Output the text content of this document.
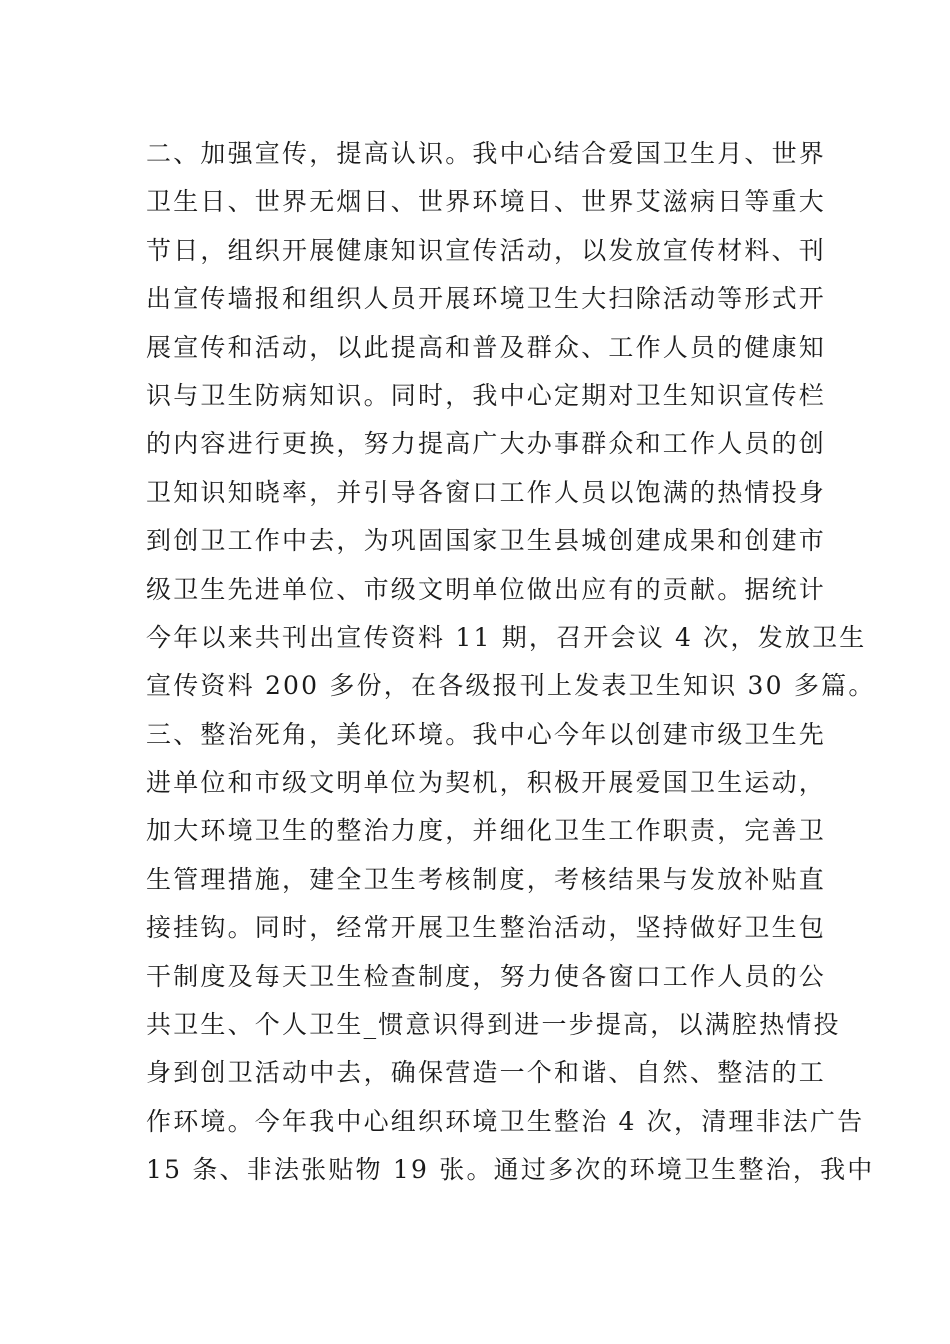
二、加强宣传，提高认识。我中心结合爱国卫生月、世界
卫生日、世界无烟日、世界环境日、世界艾滋病日等重大
节日，组织开展健康知识宣传活动，以发放宣传材料、刊
出宣传墙报和组织人员开展环境卫生大扫除活动等形式开
展宣传和活动，以此提高和普及群众、工作人员的健康知
识与卫生防病知识。同时，我中心定期对卫生知识宣传栏
的内容进行更换，努力提高广大办事群众和工作人员的创
卫知识知晓率，并引导各窗口工作人员以饱满的热情投身
到创卫工作中去，为巩固国家卫生县城创建成果和创建市
级卫生先进单位、市级文明单位做出应有的贡献。据统计
今年以来共刊出宣传资料 11 期，召开会议 4 次，发放卫生
宣传资料 200 多份，在各级报刊上发表卫生知识 30 多篇。
三、整治死角，美化环境。我中心今年以创建市级卫生先
进单位和市级文明单位为契机，积极开展爱国卫生运动，
加大环境卫生的整治力度，并细化卫生工作职责，完善卫
生管理措施，建全卫生考核制度，考核结果与发放补贴直
接挂钩。同时，经常开展卫生整治活动，坚持做好卫生包
干制度及每天卫生检查制度，努力使各窗口工作人员的公
共卫生、个人卫生_惯意识得到进一步提高，以满腔热情投
身到创卫活动中去，确保营造一个和谐、自然、整洁的工
作环境。今年我中心组织环境卫生整治 4 次，清理非法广告
15 条、非法张贴物 19 张。通过多次的环境卫生整治，我中
